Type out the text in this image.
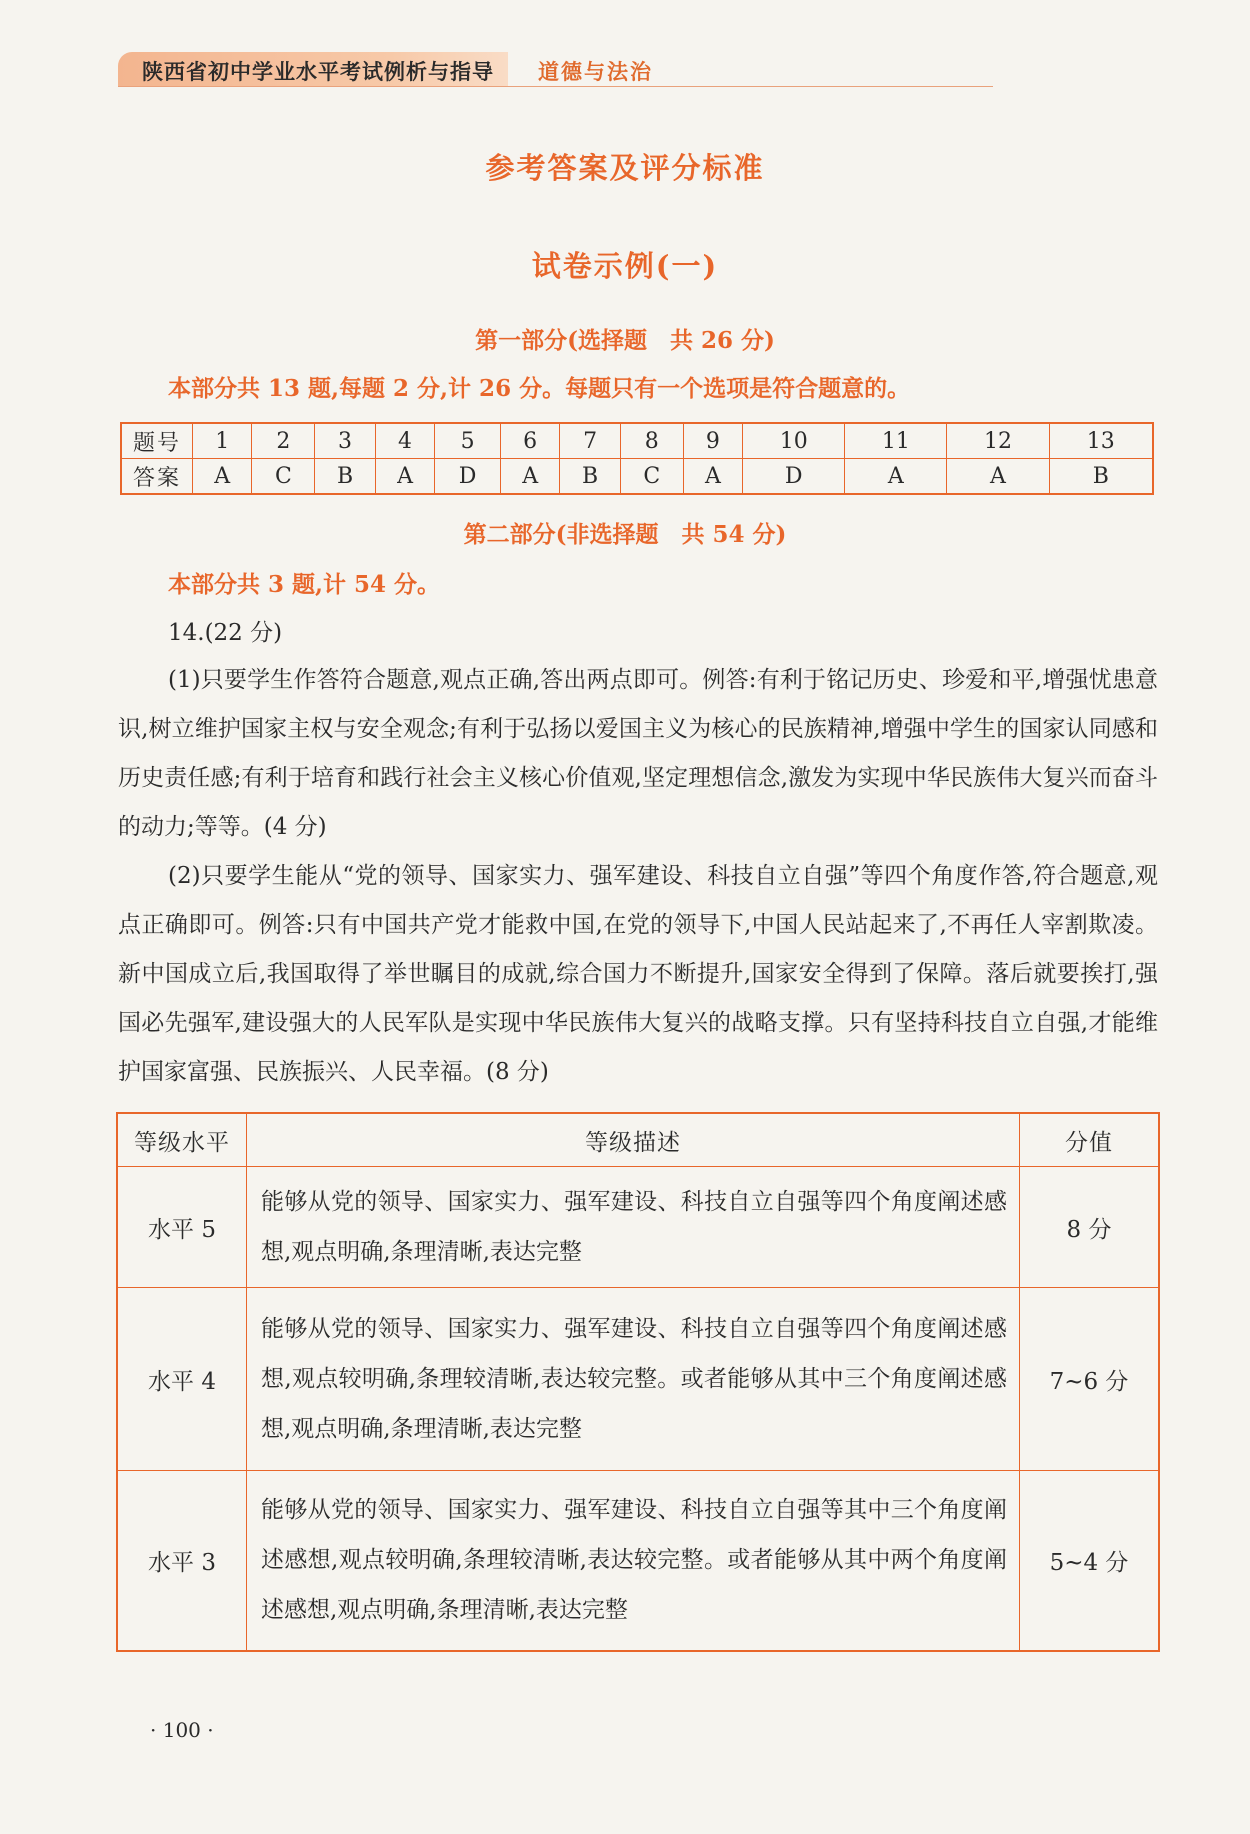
陕西省初中学业水平考试例析与指导 道德与法治
参考答案及评分标准
试卷示例(一)
第一部分(选择题　共 26 分)
本部分共 13 题,每题 2 分,计 26 分。每题只有一个选项是符合题意的。
题号	1	2	3	4	5	6	7	8	9	10	11	12	13
答案	A	C	B	A	D	A	B	C	A	D	A	A	B
第二部分(非选择题　共 54 分)
本部分共 3 题,计 54 分。
14.(22 分)
(1)只要学生作答符合题意,观点正确,答出两点即可。例答:有利于铭记历史、珍爱和平,增强忧患意识,树立维护国家主权与安全观念;有利于弘扬以爱国主义为核心的民族精神,增强中学生的国家认同感和历史责任感;有利于培育和践行社会主义核心价值观,坚定理想信念,激发为实现中华民族伟大复兴而奋斗的动力;等等。(4 分)
(2)只要学生能从“党的领导、国家实力、强军建设、科技自立自强”等四个角度作答,符合题意,观点正确即可。例答:只有中国共产党才能救中国,在党的领导下,中国人民站起来了,不再任人宰割欺凌。新中国成立后,我国取得了举世瞩目的成就,综合国力不断提升,国家安全得到了保障。落后就要挨打,强国必先强军,建设强大的人民军队是实现中华民族伟大复兴的战略支撑。只有坚持科技自立自强,才能维护国家富强、民族振兴、人民幸福。(8 分)
等级水平	等级描述	分值
水平 5	能够从党的领导、国家实力、强军建设、科技自立自强等四个角度阐述感想,观点明确,条理清晰,表达完整	8 分
水平 4	能够从党的领导、国家实力、强军建设、科技自立自强等四个角度阐述感想,观点较明确,条理较清晰,表达较完整。或者能够从其中三个角度阐述感想,观点明确,条理清晰,表达完整	7~6 分
水平 3	能够从党的领导、国家实力、强军建设、科技自立自强等其中三个角度阐述感想,观点较明确,条理较清晰,表达较完整。或者能够从其中两个角度阐述感想,观点明确,条理清晰,表达完整	5~4 分
· 100 ·
